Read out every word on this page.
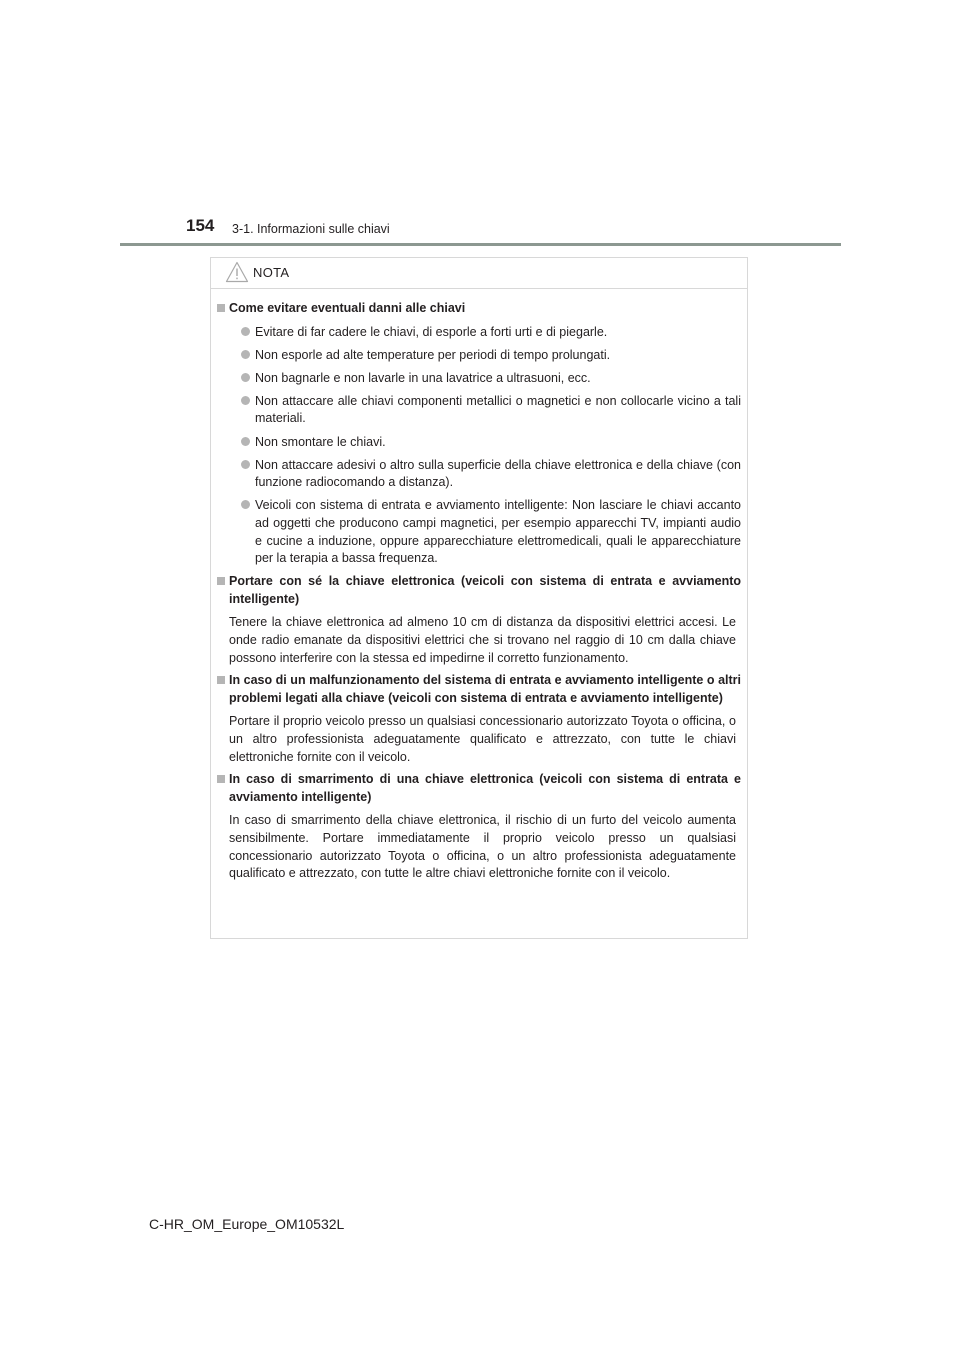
154 3-1. Informazioni sulle chiavi
NOTA
Come evitare eventuali danni alle chiavi
Evitare di far cadere le chiavi, di esporle a forti urti e di piegarle.
Non esporle ad alte temperature per periodi di tempo prolungati.
Non bagnarle e non lavarle in una lavatrice a ultrasuoni, ecc.
Non attaccare alle chiavi componenti metallici o magnetici e non collocarle vicino a tali materiali.
Non smontare le chiavi.
Non attaccare adesivi o altro sulla superficie della chiave elettronica e della chiave (con funzione radiocomando a distanza).
Veicoli con sistema di entrata e avviamento intelligente: Non lasciare le chiavi accanto ad oggetti che producono campi magnetici, per esempio apparecchi TV, impianti audio e cucine a induzione, oppure apparecchiature elettromedicali, quali le apparecchiature per la terapia a bassa frequenza.
Portare con sé la chiave elettronica (veicoli con sistema di entrata e avviamento intelligente)
Tenere la chiave elettronica ad almeno 10 cm di distanza da dispositivi elettrici accesi. Le onde radio emanate da dispositivi elettrici che si trovano nel raggio di 10 cm dalla chiave possono interferire con la stessa ed impedirne il corretto funzionamento.
In caso di un malfunzionamento del sistema di entrata e avviamento intelligente o altri problemi legati alla chiave (veicoli con sistema di entrata e avviamento intelligente)
Portare il proprio veicolo presso un qualsiasi concessionario autorizzato Toyota o officina, o un altro professionista adeguatamente qualificato e attrezzato, con tutte le chiavi elettroniche fornite con il veicolo.
In caso di smarrimento di una chiave elettronica (veicoli con sistema di entrata e avviamento intelligente)
In caso di smarrimento della chiave elettronica, il rischio di un furto del veicolo aumenta sensibilmente. Portare immediatamente il proprio veicolo presso un qualsiasi concessionario autorizzato Toyota o officina, o un altro professionista adeguatamente qualificato e attrezzato, con tutte le altre chiavi elettroniche fornite con il veicolo.
C-HR_OM_Europe_OM10532L
